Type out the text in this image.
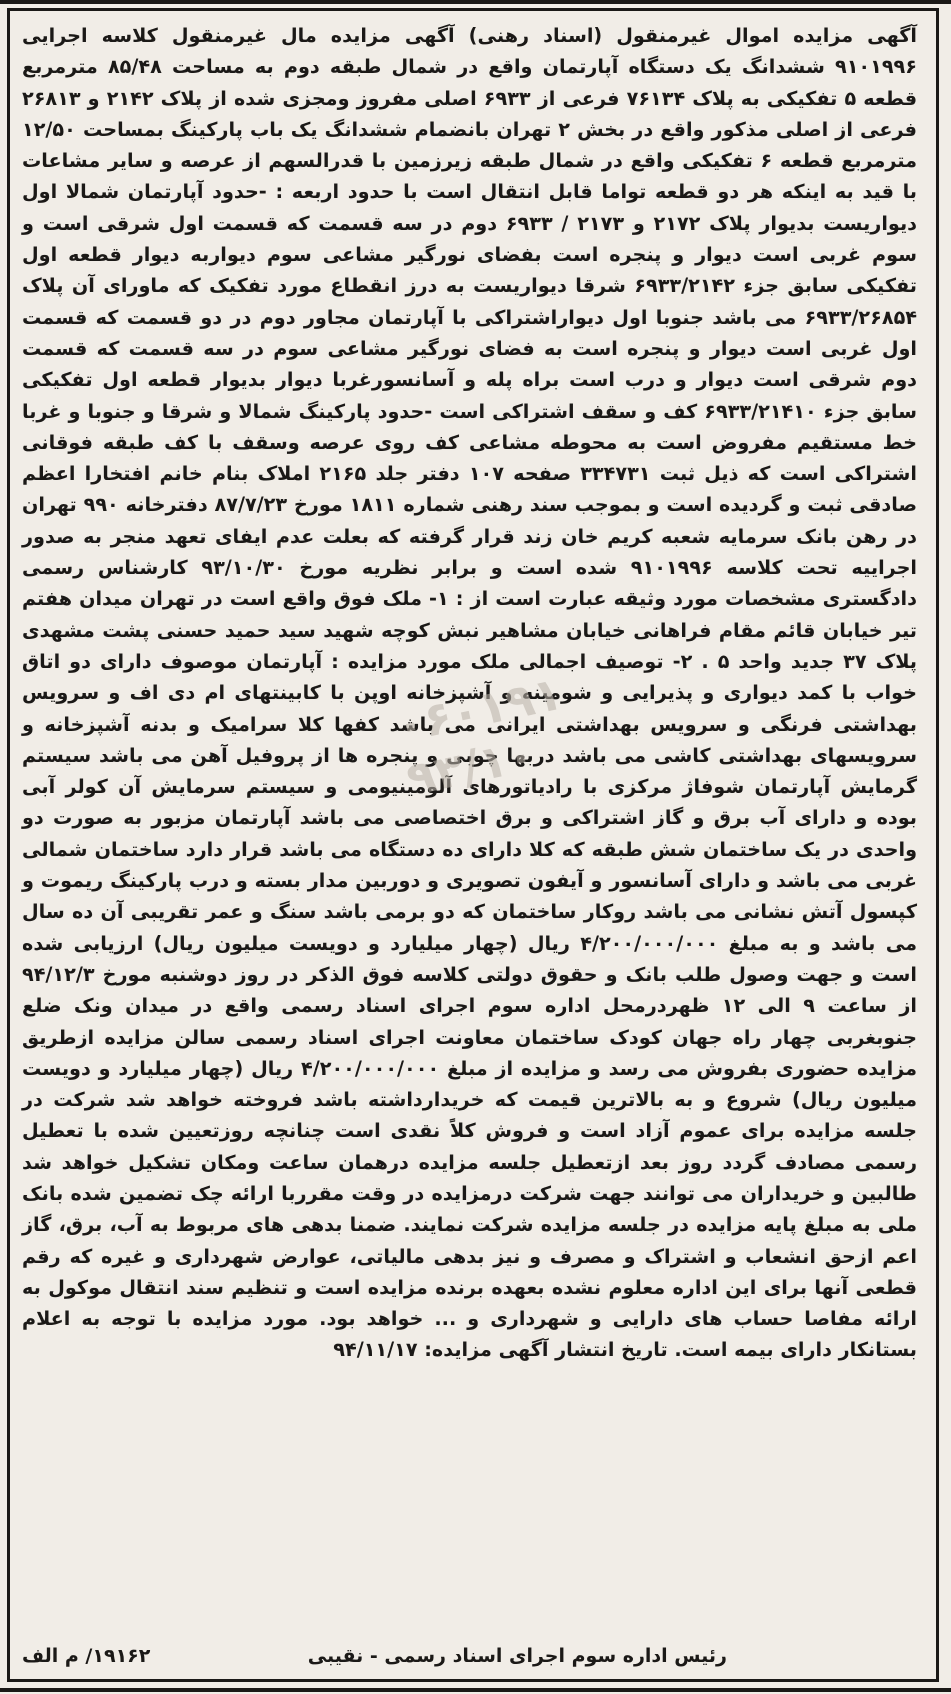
آگهی مزایده اموال غیرمنقول (اسناد رهنی) آگهی مزایده مال غیرمنقول کلاسه اجرایی ۹۱۰۱۹۹۶ ششدانگ یک دستگاه آپارتمان واقع در شمال طبقه دوم به مساحت ۸۵/۴۸ مترمربع قطعه ۵ تفکیکی به پلاک ۷۶۱۳۴ فرعی از ۶۹۳۳ اصلی مفروز ومجزی شده از پلاک ۲۱۴۲ و ۲۶۸۱۳ فرعی از اصلی مذکور واقع در بخش ۲ تهران بانضمام ششدانگ یک باب پارکینگ بمساحت ۱۲/۵۰ مترمربع قطعه ۶ تفکیکی واقع در شمال طبقه زیرزمین با قدرالسهم از عرصه و سایر مشاعات با قید به اینکه هر دو قطعه تواما قابل انتقال است با حدود اربعه : -حدود آپارتمان شمالا اول دیواریست بدیوار پلاک ۲۱۷۲ و ۲۱۷۳ / ۶۹۳۳ دوم در سه قسمت که قسمت اول شرقی است و سوم غربی است دیوار و پنجره است بفضای نورگیر مشاعی سوم دیواربه دیوار قطعه اول تفکیکی سابق جزء ۶۹۳۳/۲۱۴۲ شرقا دیواریست به درز انقطاع مورد تفکیک که ماورای آن پلاک ۶۹۳۳/۲۶۸۵۴ می باشد جنوبا اول دیواراشتراکی با آپارتمان مجاور دوم در دو قسمت که قسمت اول غربی است دیوار و پنجره است به فضای نورگیر مشاعی سوم در سه قسمت که قسمت دوم شرقی است دیوار و درب است براه پله و آسانسورغربا دیوار بدیوار قطعه اول تفکیکی سابق جزء ۶۹۳۳/۲۱۴۱۰ کف و سقف اشتراکی است -حدود پارکینگ شمالا و شرقا و جنوبا و غربا خط مستقیم مفروض است به محوطه مشاعی کف روی عرصه وسقف با کف طبقه فوقانی اشتراکی است که ذیل ثبت ۳۳۴۷۳۱ صفحه ۱۰۷ دفتر جلد ۲۱۶۵ املاک بنام خانم افتخارا اعظم صادقی ثبت و گردیده است و بموجب سند رهنی شماره ۱۸۱۱ مورخ ۸۷/۷/۲۳ دفترخانه ۹۹۰ تهران در رهن بانک سرمایه شعبه کریم خان زند قرار گرفته که بعلت عدم ایفای تعهد منجر به صدور اجراییه تحت کلاسه ۹۱۰۱۹۹۶ شده است و برابر نظریه مورخ ۹۳/۱۰/۳۰ کارشناس رسمی دادگستری مشخصات مورد وثیقه عبارت است از : ۱- ملک فوق واقع است در تهران میدان هفتم تیر خیابان قائم مقام فراهانی خیابان مشاهیر نبش کوچه شهید سید حمید حسنی پشت مشهدی پلاک ۳۷ جدید واحد ۵ . ۲- توصیف اجمالی ملک مورد مزایده : آپارتمان موصوف دارای دو اتاق خواب با کمد دیواری و پذیرایی و شومینه و آشپزخانه اوپن با کابینتهای ام دی اف و سرویس بهداشتی فرنگی و سرویس بهداشتی ایرانی می باشد کفها کلا سرامیک و بدنه آشپزخانه و سرویسهای بهداشتی کاشی می باشد دربها چوبی و پنجره ها از پروفیل آهن می باشد سیستم گرمایش آپارتمان شوفاژ مرکزی با رادیاتورهای آلومینیومی و سیستم سرمایش آن کولر آبی بوده و دارای آب برق و گاز اشتراکی و برق اختصاصی می باشد آپارتمان مزبور به صورت دو واحدی در یک ساختمان شش طبقه که کلا دارای ده دستگاه می باشد قرار دارد ساختمان شمالی غربی می باشد و دارای آسانسور و آیفون تصویری و دوربین مدار بسته و درب پارکینگ ریموت و کپسول آتش نشانی می باشد روکار ساختمان که دو برمی باشد سنگ و عمر تقریبی آن ده سال می باشد و به مبلغ ۴/۲۰۰/۰۰۰/۰۰۰ ریال (چهار میلیارد و دویست میلیون ریال) ارزیابی شده است و جهت وصول طلب بانک و حقوق دولتی کلاسه فوق الذکر در روز دوشنبه مورخ ۹۴/۱۲/۳ از ساعت ۹ الی ۱۲ ظهردرمحل اداره سوم اجرای اسناد رسمی واقع در میدان ونک ضلع جنوبغربی چهار راه جهان کودک ساختمان معاونت اجرای اسناد رسمی سالن مزایده ازطریق مزایده حضوری بفروش می رسد و مزایده از مبلغ ۴/۲۰۰/۰۰۰/۰۰۰ ریال (چهار میلیارد و دویست میلیون ریال) شروع و به بالاترین قیمت که خریدارداشته باشد فروخته خواهد شد شرکت در جلسه مزایده برای عموم آزاد است و فروش کلاً نقدی است چنانچه روزتعیین شده با تعطیل رسمی مصادف گردد روز بعد ازتعطیل جلسه مزایده درهمان ساعت ومکان تشکیل خواهد شد طالبین و خریداران می توانند جهت شرکت درمزایده در وقت مقرربا ارائه چک تضمین شده بانک ملی به مبلغ پایه مزایده در جلسه مزایده شرکت نمایند. ضمنا بدهی های مربوط به آب، برق، گاز اعم ازحق انشعاب و اشتراک و مصرف و نیز بدهی مالیاتی، عوارض شهرداری و غیره که رقم قطعی آنها برای این اداره معلوم نشده بعهده برنده مزایده است و تنظیم سند انتقال موکول به ارائه مفاصا حساب های دارایی و شهرداری و ... خواهد بود. مورد مزایده با توجه به اعلام بستانکار دارای بیمه است. تاریخ انتشار آگهی مزایده: ۹۴/۱۱/۱۷

۰۶۰۱۹۱ ۹۳/۱۰
رئیس اداره سوم اجرای اسناد رسمی - نقیبی
۱۹۱۶۲/ م الف
